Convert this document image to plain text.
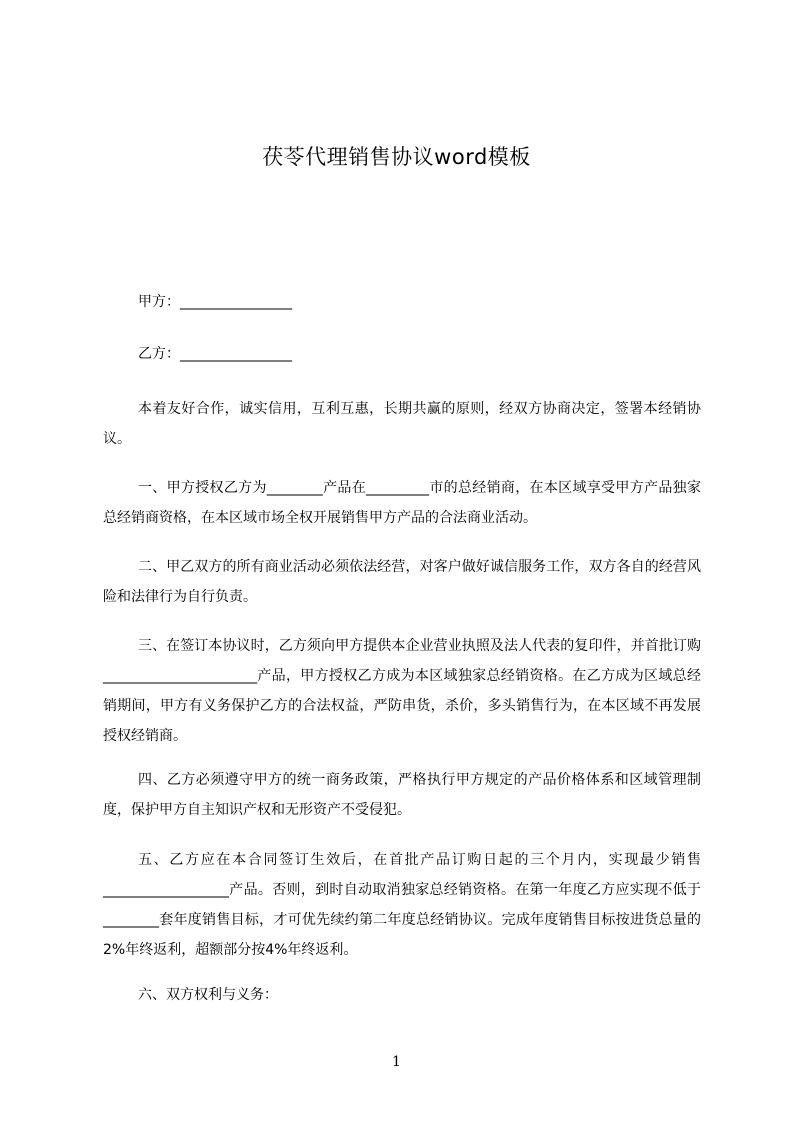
茯苓代理销售协议word模板

甲方：________________

乙方：________________

本着友好合作，诚实信用，互利互惠，长期共赢的原则，经双方协商决定，签署本经销协议。

一、甲方授权乙方为________产品在_________市的总经销商，在本区域享受甲方产品独家总经销商资格，在本区域市场全权开展销售甲方产品的合法商业活动。

二、甲乙双方的所有商业活动必须依法经营，对客户做好诚信服务工作，双方各自的经营风险和法律行为自行负责。

三、在签订本协议时，乙方须向甲方提供本企业营业执照及法人代表的复印件，并首批订购______________________产品，甲方授权乙方成为本区域独家总经销资格。在乙方成为区域总经销期间，甲方有义务保护乙方的合法权益，严防串货，杀价，多头销售行为，在本区域不再发展授权经销商。

四、乙方必须遵守甲方的统一商务政策，严格执行甲方规定的产品价格体系和区域管理制度，保护甲方自主知识产权和无形资产不受侵犯。

五、乙方应在本合同签订生效后，在首批产品订购日起的三个月内，实现最少销售__________________产品。否则，到时自动取消独家总经销资格。在第一年度乙方应实现不低于________套年度销售目标，才可优先续约第二年度总经销协议。完成年度销售目标按进货总量的2%年终返利，超额部分按4%年终返利。

六、双方权利与义务：

1
